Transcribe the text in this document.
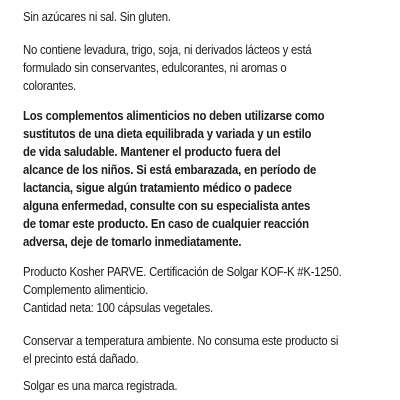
Sin azúcares ni sal. Sin gluten.

No contiene levadura, trigo, soja, ni derivados lácteos y está
formulado sin conservantes, edulcorantes, ni aromas o
colorantes.

Los complementos alimenticios no deben utilizarse como
sustitutos de una dieta equilibrada y variada y un estilo
de vida saludable. Mantener el producto fuera del
alcance de los niños. Si está embarazada, en período de
lactancia, sigue algún tratamiento médico o padece
alguna enfermedad, consulte con su especialista antes
de tomar este producto. En caso de cualquier reacción
adversa, deje de tomarlo inmediatamente.

Producto Kosher PARVE. Certificación de Solgar KOF-K #K-1250.
Complemento alimenticio.
Cantidad neta: 100 cápsulas vegetales.

Conservar a temperatura ambiente. No consuma este producto si
el precinto está dañado.

Solgar es una marca registrada.
